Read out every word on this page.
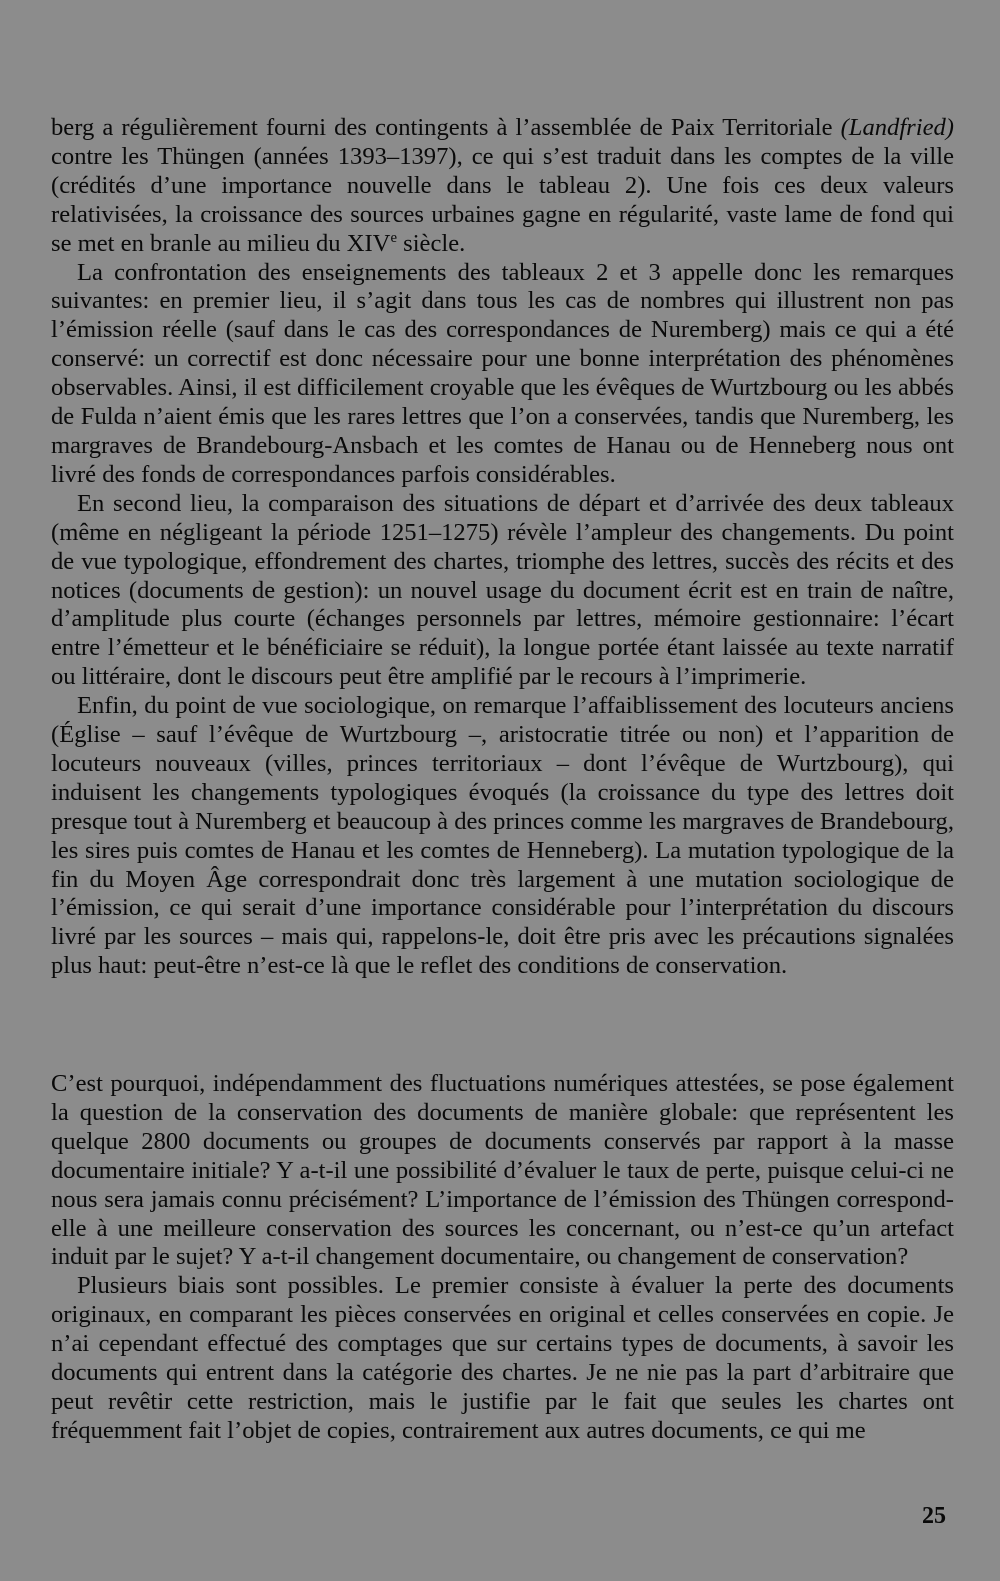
berg a régulièrement fourni des contingents à l’assemblée de Paix Territoriale (Landfried) contre les Thüngen (années 1393–1397), ce qui s’est traduit dans les comptes de la ville (crédités d’une importance nouvelle dans le tableau 2). Une fois ces deux valeurs relativisées, la croissance des sources urbaines gagne en régularité, vaste lame de fond qui se met en branle au milieu du XIVe siècle.

La confrontation des enseignements des tableaux 2 et 3 appelle donc les remarques suivantes: en premier lieu, il s’agit dans tous les cas de nombres qui illustrent non pas l’émission réelle (sauf dans le cas des correspondances de Nuremberg) mais ce qui a été conservé: un correctif est donc nécessaire pour une bonne interprétation des phénomènes observables. Ainsi, il est difficilement croyable que les évêques de Wurtzbourg ou les abbés de Fulda n’aient émis que les rares lettres que l’on a conservées, tandis que Nuremberg, les margraves de Brandebourg-Ansbach et les comtes de Hanau ou de Henneberg nous ont livré des fonds de correspondances parfois considérables.

En second lieu, la comparaison des situations de départ et d’arrivée des deux tableaux (même en négligeant la période 1251–1275) révèle l’ampleur des changements. Du point de vue typologique, effondrement des chartes, triomphe des lettres, succès des récits et des notices (documents de gestion): un nouvel usage du document écrit est en train de naître, d’amplitude plus courte (échanges personnels par lettres, mémoire gestionnaire: l’écart entre l’émetteur et le bénéficiaire se réduit), la longue portée étant laissée au texte narratif ou littéraire, dont le discours peut être amplifié par le recours à l’imprimerie.

Enfin, du point de vue sociologique, on remarque l’affaiblissement des locuteurs anciens (Église – sauf l’évêque de Wurtzbourg –, aristocratie titrée ou non) et l’apparition de locuteurs nouveaux (villes, princes territoriaux – dont l’évêque de Wurtzbourg), qui induisent les changements typologiques évoqués (la croissance du type des lettres doit presque tout à Nuremberg et beaucoup à des princes comme les margraves de Brandebourg, les sires puis comtes de Hanau et les comtes de Henneberg). La mutation typologique de la fin du Moyen Âge correspondrait donc très largement à une mutation sociologique de l’émission, ce qui serait d’une importance considérable pour l’interprétation du discours livré par les sources – mais qui, rappelons-le, doit être pris avec les précautions signalées plus haut: peut-être n’est-ce là que le reflet des conditions de conservation.

C’est pourquoi, indépendamment des fluctuations numériques attestées, se pose également la question de la conservation des documents de manière globale: que représentent les quelque 2800 documents ou groupes de documents conservés par rapport à la masse documentaire initiale? Y a-t-il une possibilité d’évaluer le taux de perte, puisque celui-ci ne nous sera jamais connu précisément? L’importance de l’émission des Thüngen correspond-elle à une meilleure conservation des sources les concernant, ou n’est-ce qu’un artefact induit par le sujet? Y a-t-il changement documentaire, ou changement de conservation?

Plusieurs biais sont possibles. Le premier consiste à évaluer la perte des documents originaux, en comparant les pièces conservées en original et celles conservées en copie. Je n’ai cependant effectué des comptages que sur certains types de documents, à savoir les documents qui entrent dans la catégorie des chartes. Je ne nie pas la part d’arbitraire que peut revêtir cette restriction, mais le justifie par le fait que seules les chartes ont fréquemment fait l’objet de copies, contrairement aux autres documents, ce qui me

25
